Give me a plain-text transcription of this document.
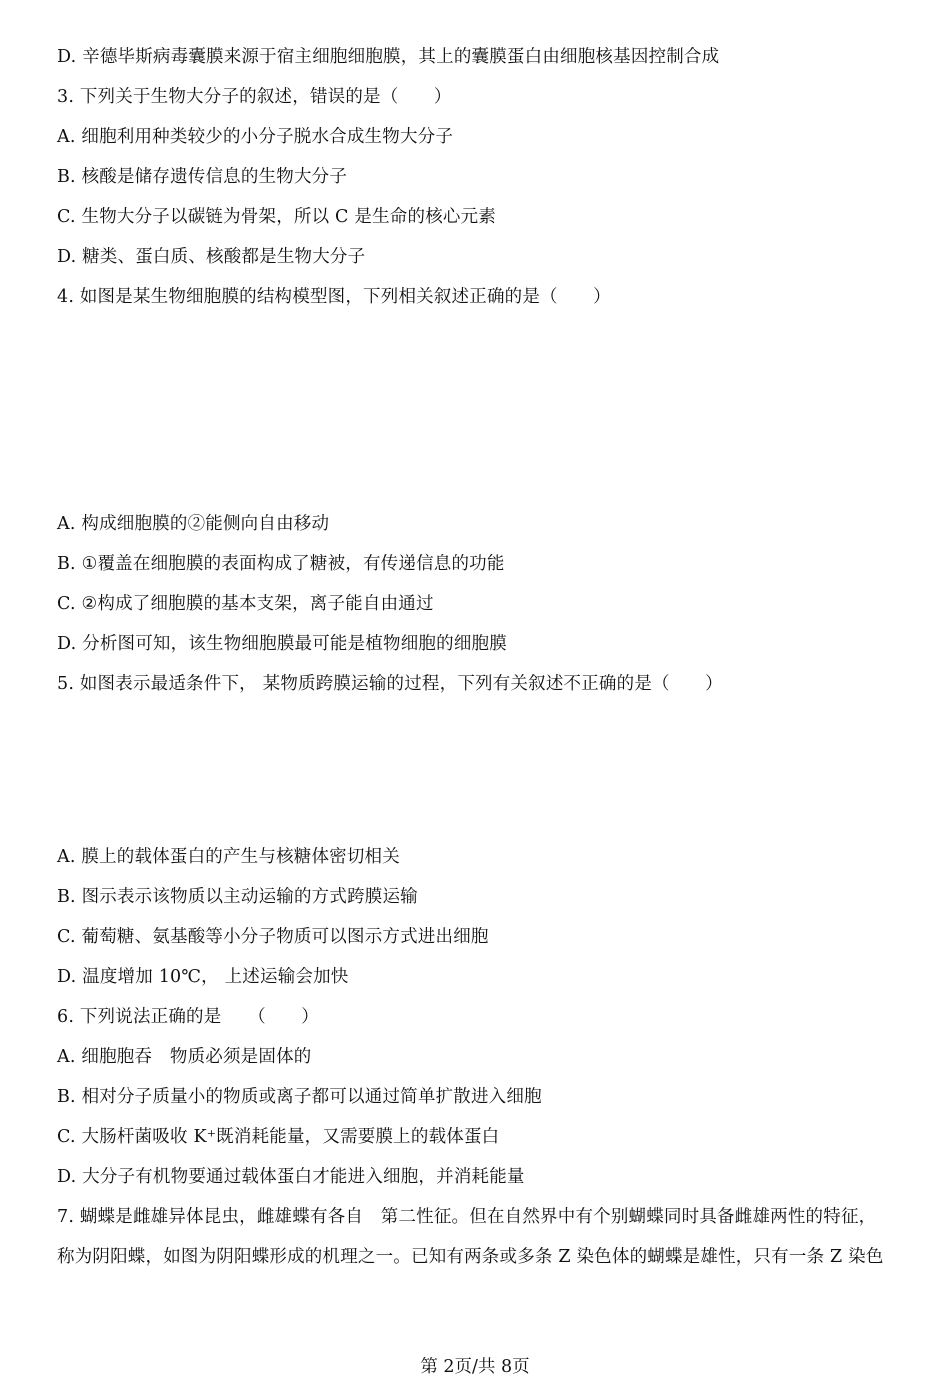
D. 辛德毕斯病毒囊膜来源于宿主细胞细胞膜，其上的囊膜蛋白由细胞核基因控制合成
3. 下列关于生物大分子的叙述，错误的是（　　）
A. 细胞利用种类较少的小分子脱水合成生物大分子
B. 核酸是储存遗传信息的生物大分子
C. 生物大分子以碳链为骨架，所以 C 是生命的核心元素
D. 糖类、蛋白质、核酸都是生物大分子
4. 如图是某生物细胞膜的结构模型图，下列相关叙述正确的是（　　）
A. 构成细胞膜的②能侧向自由移动
B. ①覆盖在细胞膜的表面构成了糖被，有传递信息的功能
C. ②构成了细胞膜的基本支架，离子能自由通过
D. 分析图可知，该生物细胞膜最可能是植物细胞的细胞膜
5. 如图表示最适条件下， 某物质跨膜运输的过程，下列有关叙述不正确的是（　　）
A. 膜上的载体蛋白的产生与核糖体密切相关
B. 图示表示该物质以主动运输的方式跨膜运输
C. 葡萄糖、氨基酸等小分子物质可以图示方式进出细胞
D. 温度增加 10℃， 上述运输会加快
6. 下列说法正确的是　　（　　）
A. 细胞胞吞　物质必须是固体的
B. 相对分子质量小的物质或离子都可以通过简单扩散进入细胞
C. 大肠杆菌吸收 K⁺既消耗能量，又需要膜上的载体蛋白
D. 大分子有机物要通过载体蛋白才能进入细胞，并消耗能量
7. 蝴蝶是雌雄异体昆虫，雌雄蝶有各自　第二性征。但在自然界中有个别蝴蝶同时具备雌雄两性的特征，
称为阴阳蝶，如图为阴阳蝶形成的机理之一。已知有两条或多条 Z 染色体的蝴蝶是雄性，只有一条 Z 染色
第 2页/共 8页
